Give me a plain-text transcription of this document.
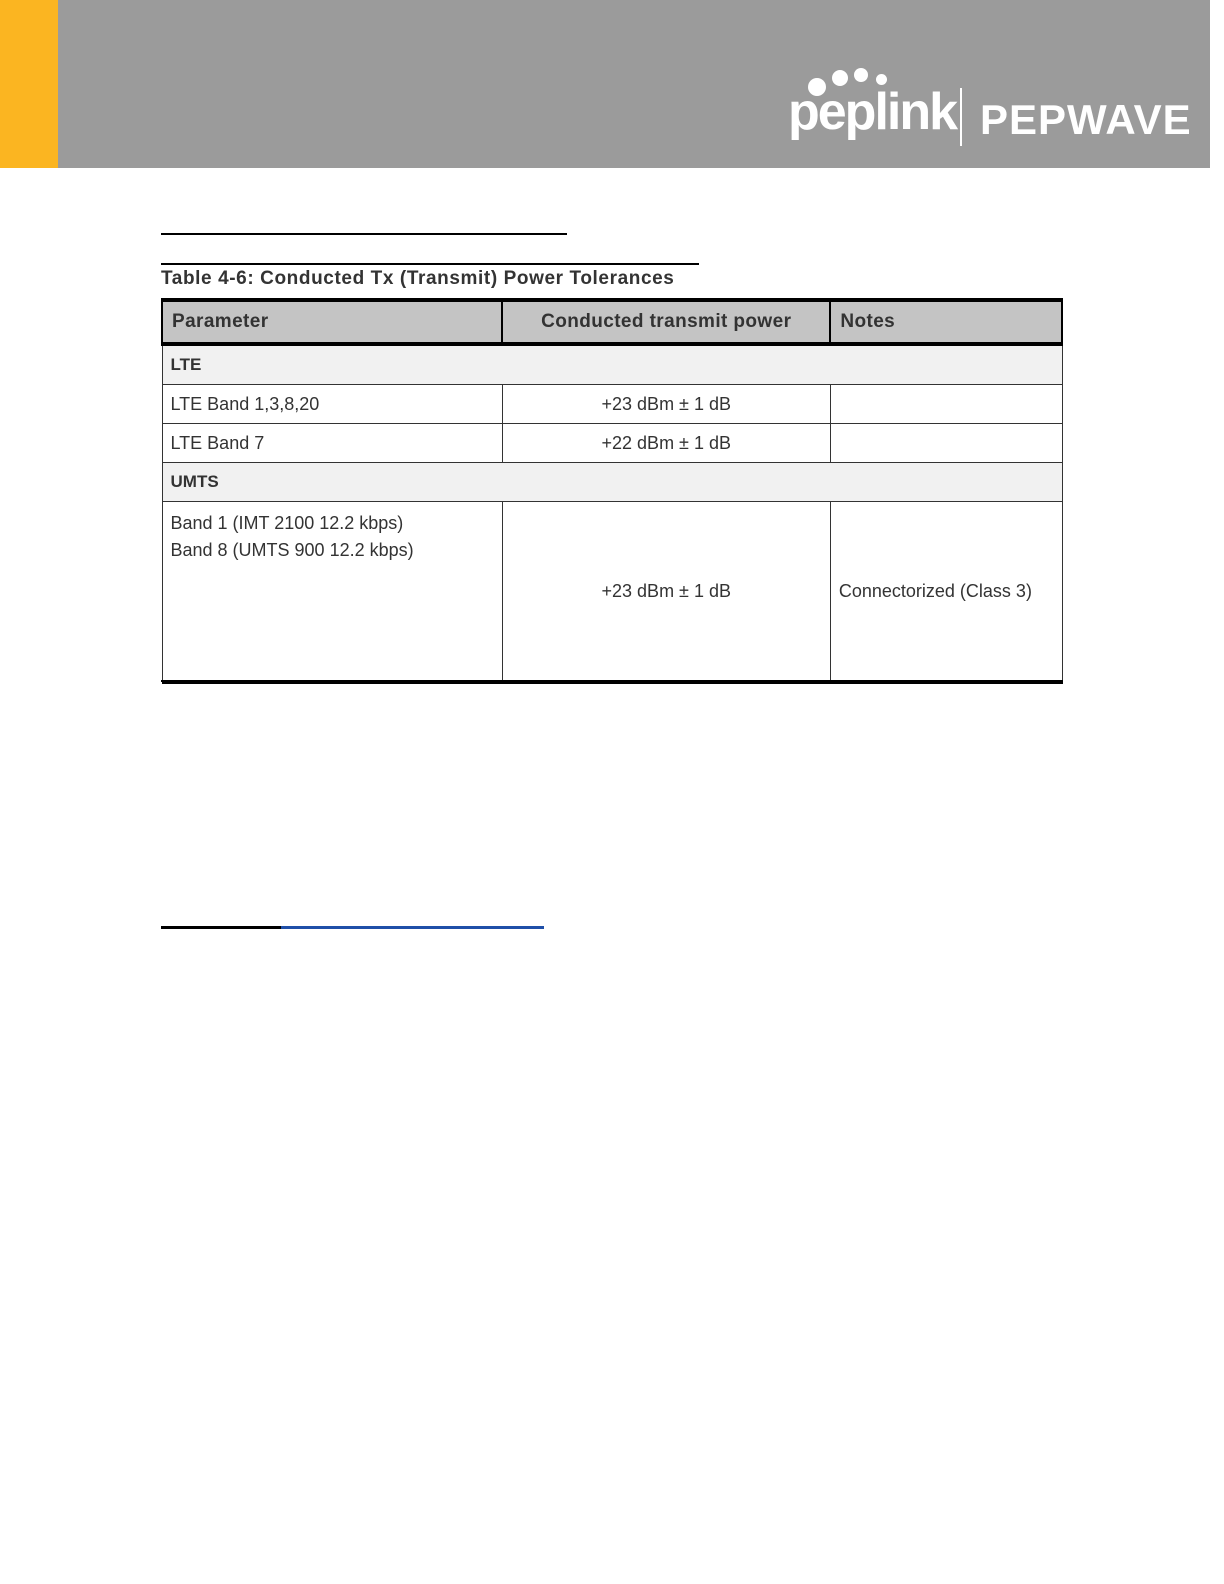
peplink PEPWAVE
Table 4-6: Conducted Tx (Transmit) Power Tolerances
Parameter	Conducted transmit power	Notes
LTE		
LTE Band 1,3,8,20	+23 dBm ± 1 dB	
LTE Band 7	+22 dBm ± 1 dB	
UMTS		

Band 1 (IMT 2100 12.2 kbps)
Band 8 (UMTS 900 12.2 kbps)	+23 dBm ± 1 dB	Connectorized (Class 3)
